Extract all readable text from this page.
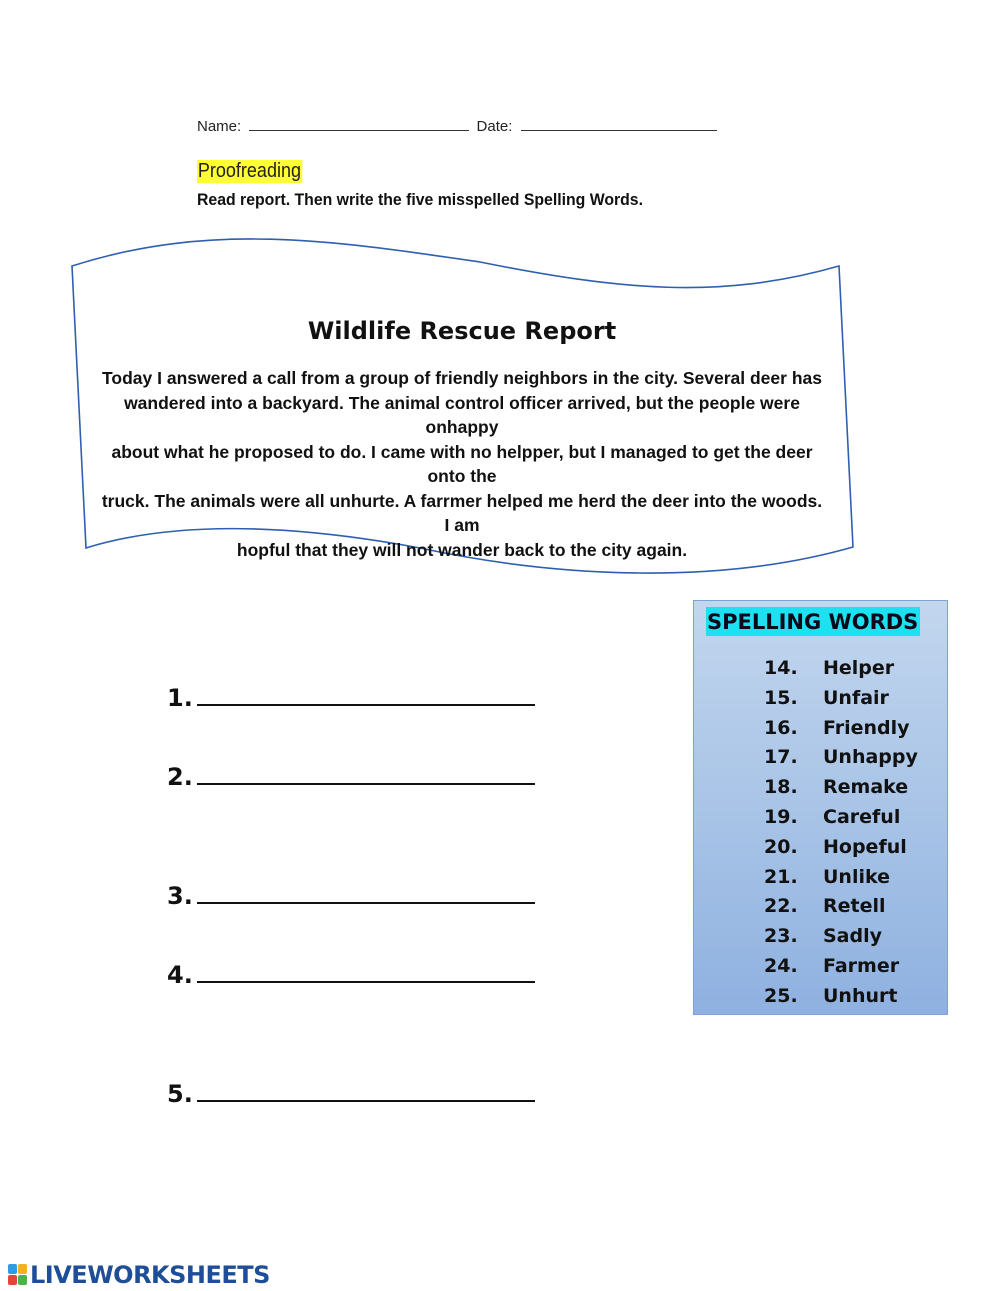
Name:	Date:
Proofreading
Read report. Then write the five misspelled Spelling Words.
Wildlife Rescue Report
Today I answered a call from a group of friendly neighbors in the city. Several deer has
wandered into a backyard. The animal control officer arrived, but the people were onhappy
about what he proposed to do. I came with no helpper, but I managed to get the deer onto the
truck. The animals were all unhurte. A farrmer helped me herd the deer into the woods. I am
hopful that they will not wander back to the city again.
1.
2.
3.
4.
5.
SPELLING WORDS
14. Helper
15. Unfair
16. Friendly
17. Unhappy
18. Remake
19. Careful
20. Hopeful
21. Unlike
22. Retell
23. Sadly
24. Farmer
25. Unhurt
LIVEWORKSHEETS
